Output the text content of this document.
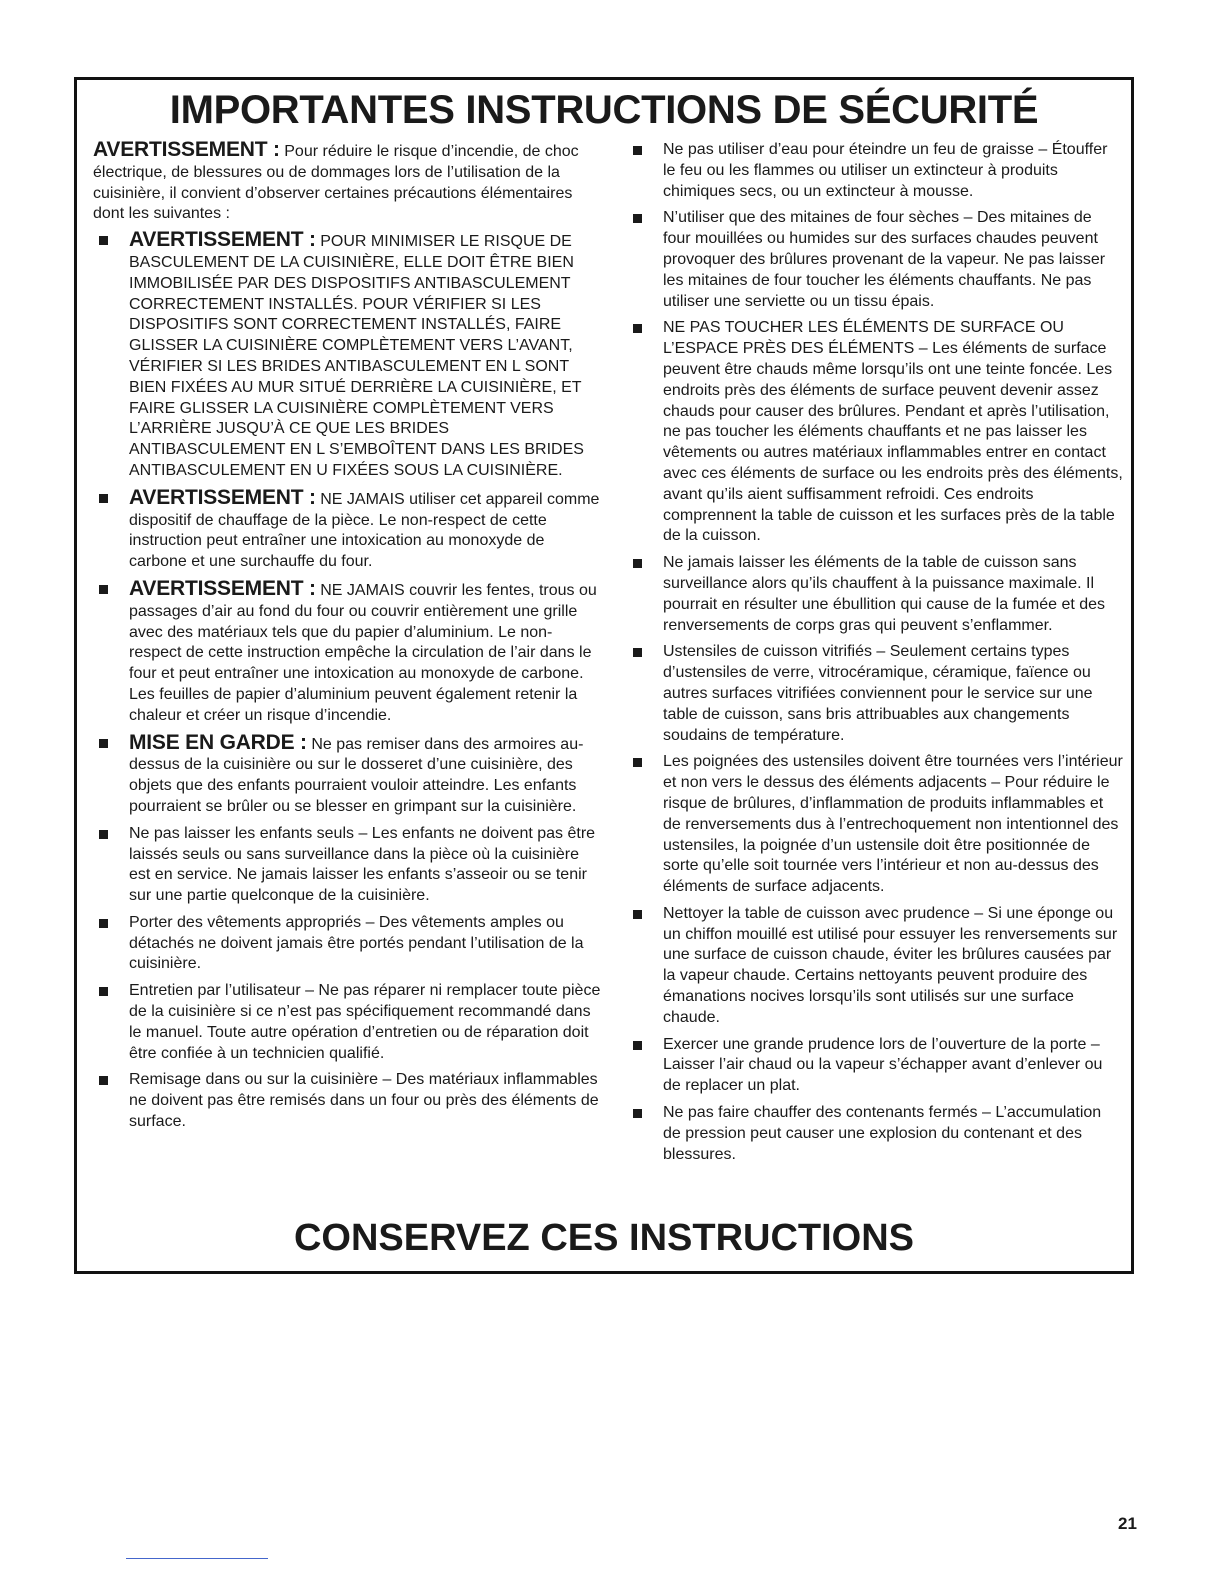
IMPORTANTES INSTRUCTIONS DE SÉCURITÉ

AVERTISSEMENT : Pour réduire le risque d’incendie, de choc électrique, de blessures ou de dommages lors de l’utilisation de la cuisinière, il convient d’observer certaines précautions élémentaires dont les suivantes :

AVERTISSEMENT : POUR MINIMISER LE RISQUE DE BASCULEMENT DE LA CUISINIÈRE, ELLE DOIT ÊTRE BIEN IMMOBILISÉE PAR DES DISPOSITIFS ANTIBASCULEMENT CORRECTEMENT INSTALLÉS. POUR VÉRIFIER SI LES DISPOSITIFS SONT CORRECTEMENT INSTALLÉS, FAIRE GLISSER LA CUISINIÈRE COMPLÈTEMENT VERS L’AVANT, VÉRIFIER SI LES BRIDES ANTIBASCULEMENT EN L SONT BIEN FIXÉES AU MUR SITUÉ DERRIÈRE LA CUISINIÈRE, ET FAIRE GLISSER LA CUISINIÈRE COMPLÈTEMENT VERS L’ARRIÈRE JUSQU’À CE QUE LES BRIDES ANTIBASCULEMENT EN L S’EMBOÎTENT DANS LES BRIDES ANTIBASCULEMENT EN U FIXÉES SOUS LA CUISINIÈRE.

AVERTISSEMENT : NE JAMAIS utiliser cet appareil comme dispositif de chauffage de la pièce. Le non-respect de cette instruction peut entraîner une intoxication au monoxyde de carbone et une surchauffe du four.

AVERTISSEMENT : NE JAMAIS couvrir les fentes, trous ou passages d’air au fond du four ou couvrir entièrement une grille avec des matériaux tels que du papier d’aluminium. Le non-respect de cette instruction empêche la circulation de l’air dans le four et peut entraîner une intoxication au monoxyde de carbone. Les feuilles de papier d’aluminium peuvent également retenir la chaleur et créer un risque d’incendie.

MISE EN GARDE : Ne pas remiser dans des armoires au-dessus de la cuisinière ou sur le dosseret d’une cuisinière, des objets que des enfants pourraient vouloir atteindre. Les enfants pourraient se brûler ou se blesser en grimpant sur la cuisinière.

Ne pas laisser les enfants seuls – Les enfants ne doivent pas être laissés seuls ou sans surveillance dans la pièce où la cuisinière est en service. Ne jamais laisser les enfants s’asseoir ou se tenir sur une partie quelconque de la cuisinière.

Porter des vêtements appropriés – Des vêtements amples ou détachés ne doivent jamais être portés pendant l’utilisation de la cuisinière.

Entretien par l’utilisateur – Ne pas réparer ni remplacer toute pièce de la cuisinière si ce n’est pas spécifiquement recommandé dans le manuel. Toute autre opération d’entretien ou de réparation doit être confiée à un technicien qualifié.

Remisage dans ou sur la cuisinière – Des matériaux inflammables ne doivent pas être remisés dans un four ou près des éléments de surface.

Ne pas utiliser d’eau pour éteindre un feu de graisse – Étouffer le feu ou les flammes ou utiliser un extincteur à produits chimiques secs, ou un extincteur à mousse.

N’utiliser que des mitaines de four sèches – Des mitaines de four mouillées ou humides sur des surfaces chaudes peuvent provoquer des brûlures provenant de la vapeur. Ne pas laisser les mitaines de four toucher les éléments chauffants. Ne pas utiliser une serviette ou un tissu épais.

NE PAS TOUCHER LES ÉLÉMENTS DE SURFACE OU L’ESPACE PRÈS DES ÉLÉMENTS – Les éléments de surface peuvent être chauds même lorsqu’ils ont une teinte foncée. Les endroits près des éléments de surface peuvent devenir assez chauds pour causer des brûlures. Pendant et après l’utilisation, ne pas toucher les éléments chauffants et ne pas laisser les vêtements ou autres matériaux inflammables entrer en contact avec ces éléments de surface ou les endroits près des éléments, avant qu’ils aient suffisamment refroidi. Ces endroits comprennent la table de cuisson et les surfaces près de la table de la cuisson.

Ne jamais laisser les éléments de la table de cuisson sans surveillance alors qu’ils chauffent à la puissance maximale. Il pourrait en résulter une ébullition qui cause de la fumée et des renversements de corps gras qui peuvent s’enflammer.

Ustensiles de cuisson vitrifiés – Seulement certains types d’ustensiles de verre, vitrocéramique, céramique, faïence ou autres surfaces vitrifiées conviennent pour le service sur une table de cuisson, sans bris attribuables aux changements soudains de température.

Les poignées des ustensiles doivent être tournées vers l’intérieur et non vers le dessus des éléments adjacents – Pour réduire le risque de brûlures, d’inflammation de produits inflammables et de renversements dus à l’entrechoquement non intentionnel des ustensiles, la poignée d’un ustensile doit être positionnée de sorte qu’elle soit tournée vers l’intérieur et non au-dessus des éléments de surface adjacents.

Nettoyer la table de cuisson avec prudence – Si une éponge ou un chiffon mouillé est utilisé pour essuyer les renversements sur une surface de cuisson chaude, éviter les brûlures causées par la vapeur chaude. Certains nettoyants peuvent produire des émanations nocives lorsqu’ils sont utilisés sur une surface chaude.

Exercer une grande prudence lors de l’ouverture de la porte – Laisser l’air chaud ou la vapeur s’échapper avant d’enlever ou de replacer un plat.

Ne pas faire chauffer des contenants fermés – L’accumulation de pression peut causer une explosion du contenant et des blessures.

CONSERVEZ CES INSTRUCTIONS
21
